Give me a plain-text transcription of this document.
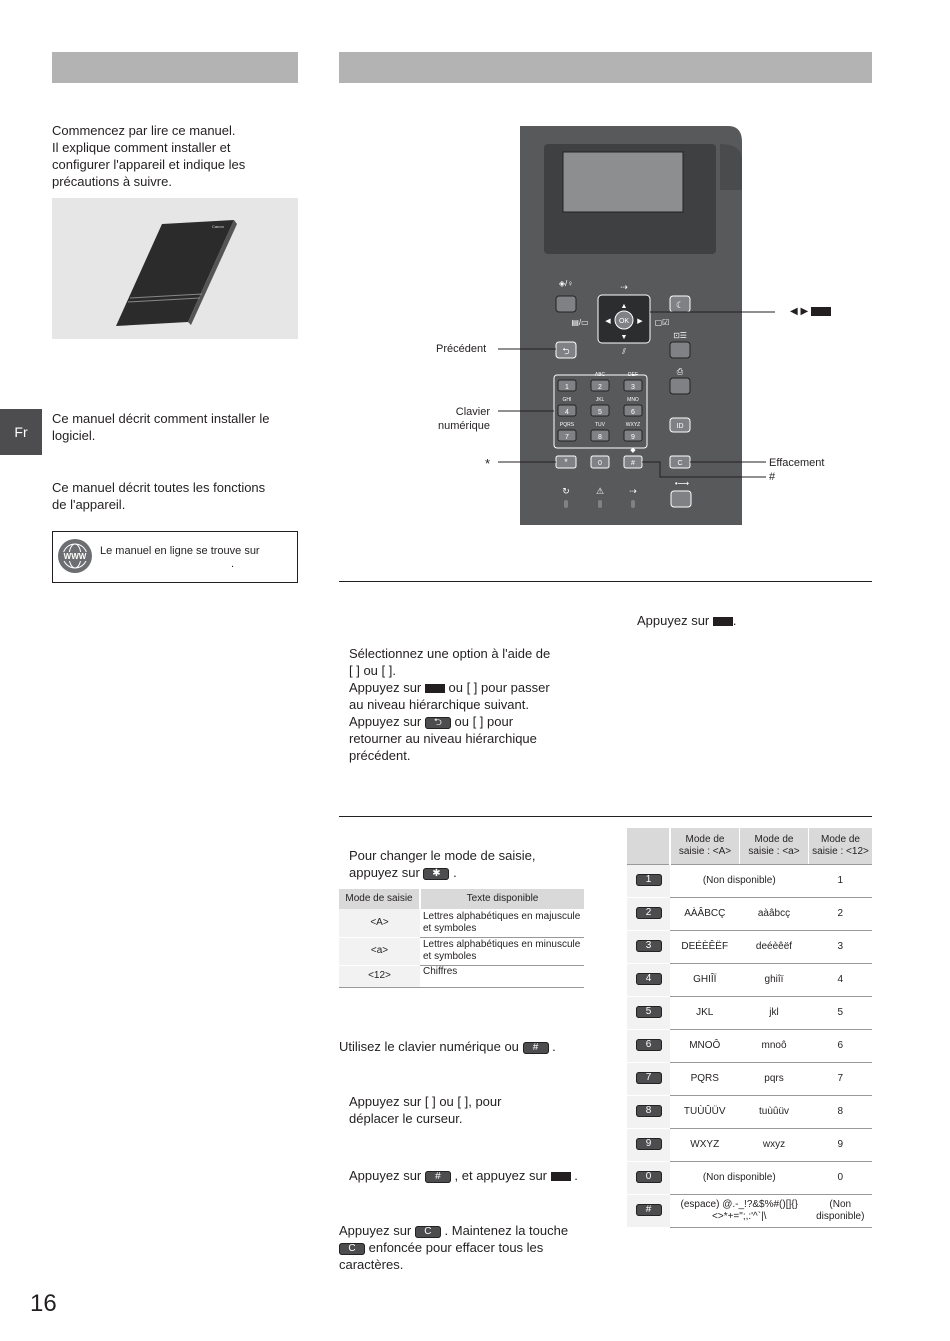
Commencez par lire ce manuel.
Il explique comment installer et
configurer l'appareil et indique les
précautions à suivre.
Canon
Fr
Ce manuel décrit comment installer le
logiciel.
Ce manuel décrit toutes les fonctions
de l'appareil.
WWW Le manuel en ligne se trouve sur
.
◈/♀
▤/▭	OK
▲
▼
◀	▶
⇢
▢☑
⫽
☾
⊡☰
⎙
ID
⮌
1	2	3
ABC	DEF
GHI	JKL	MNO
4	5	6
PQRS	TUV	WXYZ
7	8	9
0
*	#
◆
C
↻	⚠	⇢
•⟶
◀ ▶
Précédent
Clavier
numérique
*	Effacement
#
Appuyez sur .
Sélectionnez une option à l'aide de
[ ] ou [ ].
Appuyez sur ou [ ] pour passer
au niveau hiérarchique suivant.
Appuyez sur ⮌ ou [ ] pour
retourner au niveau hiérarchique
précédent.
Pour changer le mode de saisie,
appuyez sur ✱ .
Mode de saisie	Texte disponible
<A>	Lettres alphabétiques en majuscule et symboles
<a>	Lettres alphabétiques en minuscule et symboles
<12>	Chiffres
Utilisez le clavier numérique ou # .
Appuyez sur [ ] ou [ ], pour
déplacer le curseur.
Appuyez sur # , et appuyez sur  .
Appuyez sur C . Maintenez la touche
C enfoncée pour effacer tous les
caractères.
	Mode de saisie : <A>	Mode de saisie : <a>	Mode de saisie : <12>
1	(Non disponible)		1
2	AÀÂBCÇ	aàâbcç	2
3	DEÉÈÊËF	deéèêëf	3
4	GHIÎÏ	ghiîï	4
5	JKL	jkl	5
6	MNOÔ	mnoô	6
7	PQRS	pqrs	7
8	TUÙÛÜV	tuùûüv	8
9	WXYZ	wxyz	9
0	(Non disponible)		0
#	(espace) @.-_!?&$%#()[]{}<>*+=";,:'^`|\		(Non disponible)
16
